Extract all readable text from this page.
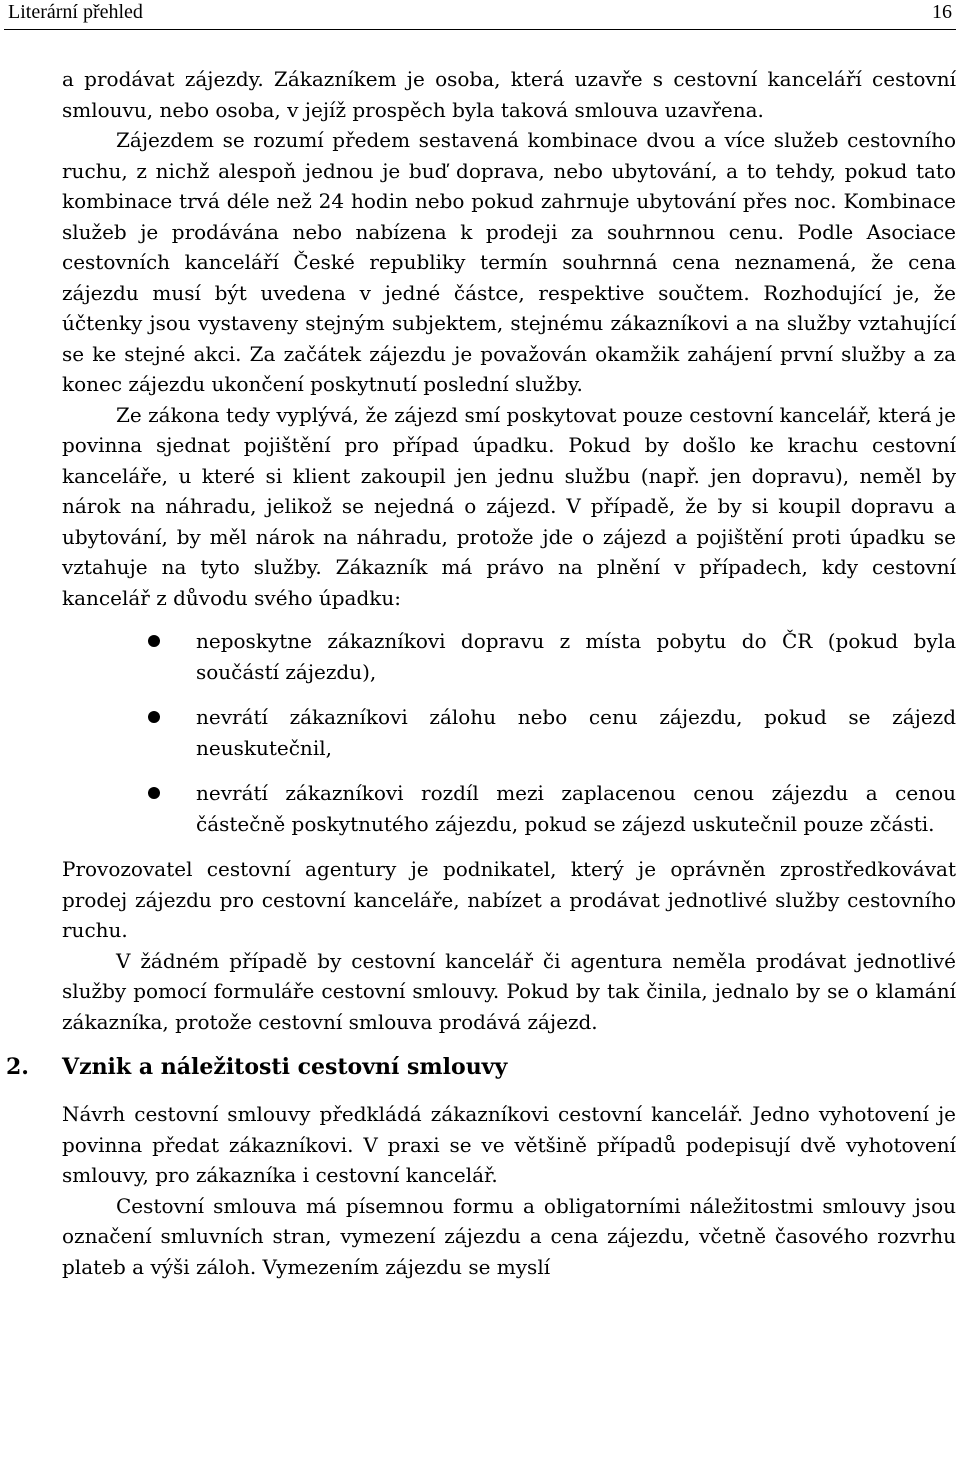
Literární přehled	16

a prodávat zájezdy. Zákazníkem je osoba, která uzavře s cestovní kanceláří cestovní smlouvu, nebo osoba, v jejíž prospěch byla taková smlouva uzavřena.

Zájezdem se rozumí předem sestavená kombinace dvou a více služeb cestovního ruchu, z nichž alespoň jednou je buď doprava, nebo ubytování, a to tehdy, pokud tato kombinace trvá déle než 24 hodin nebo pokud zahrnuje ubytování přes noc. Kombinace služeb je prodávána nebo nabízena k prodeji za souhrnnou cenu. Podle Asociace cestovních kanceláří České republiky termín souhrnná cena neznamená, že cena zájezdu musí být uvedena v jedné částce, respektive součtem. Rozhodující je, že účtenky jsou vystaveny stejným subjektem, stejnému zákazníkovi a na služby vztahující se ke stejné akci. Za začátek zájezdu je považován okamžik zahájení první služby a za konec zájezdu ukončení poskytnutí poslední služby.

Ze zákona tedy vyplývá, že zájezd smí poskytovat pouze cestovní kancelář, která je povinna sjednat pojištění pro případ úpadku. Pokud by došlo ke krachu cestovní kanceláře, u které si klient zakoupil jen jednu službu (např. jen dopravu), neměl by nárok na náhradu, jelikož se nejedná o zájezd. V případě, že by si koupil dopravu a ubytování, by měl nárok na náhradu, protože jde o zájezd a pojištění proti úpadku se vztahuje na tyto služby. Zákazník má právo na plnění v případech, kdy cestovní kancelář z důvodu svého úpadku:

neposkytne zákazníkovi dopravu z místa pobytu do ČR (pokud byla součástí zájezdu),
nevrátí zákazníkovi zálohu nebo cenu zájezdu, pokud se zájezd neuskutečnil,
nevrátí zákazníkovi rozdíl mezi zaplacenou cenou zájezdu a cenou částečně poskytnutého zájezdu, pokud se zájezd uskutečnil pouze zčásti.

Provozovatel cestovní agentury je podnikatel, který je oprávněn zprostředkovávat prodej zájezdu pro cestovní kanceláře, nabízet a prodávat jednotlivé služby cestovního ruchu.

V žádném případě by cestovní kancelář či agentura neměla prodávat jednotlivé služby pomocí formuláře cestovní smlouvy. Pokud by tak činila, jednalo by se o klamání zákazníka, protože cestovní smlouva prodává zájezd.

2. Vznik a náležitosti cestovní smlouvy

Návrh cestovní smlouvy předkládá zákazníkovi cestovní kancelář. Jedno vyhotovení je povinna předat zákazníkovi. V praxi se ve většině případů podepisují dvě vyhotovení smlouvy, pro zákazníka i cestovní kancelář.

Cestovní smlouva má písemnou formu a obligatorními náležitostmi smlouvy jsou označení smluvních stran, vymezení zájezdu a cena zájezdu, včetně časového rozvrhu plateb a výši záloh. Vymezením zájezdu se myslí
